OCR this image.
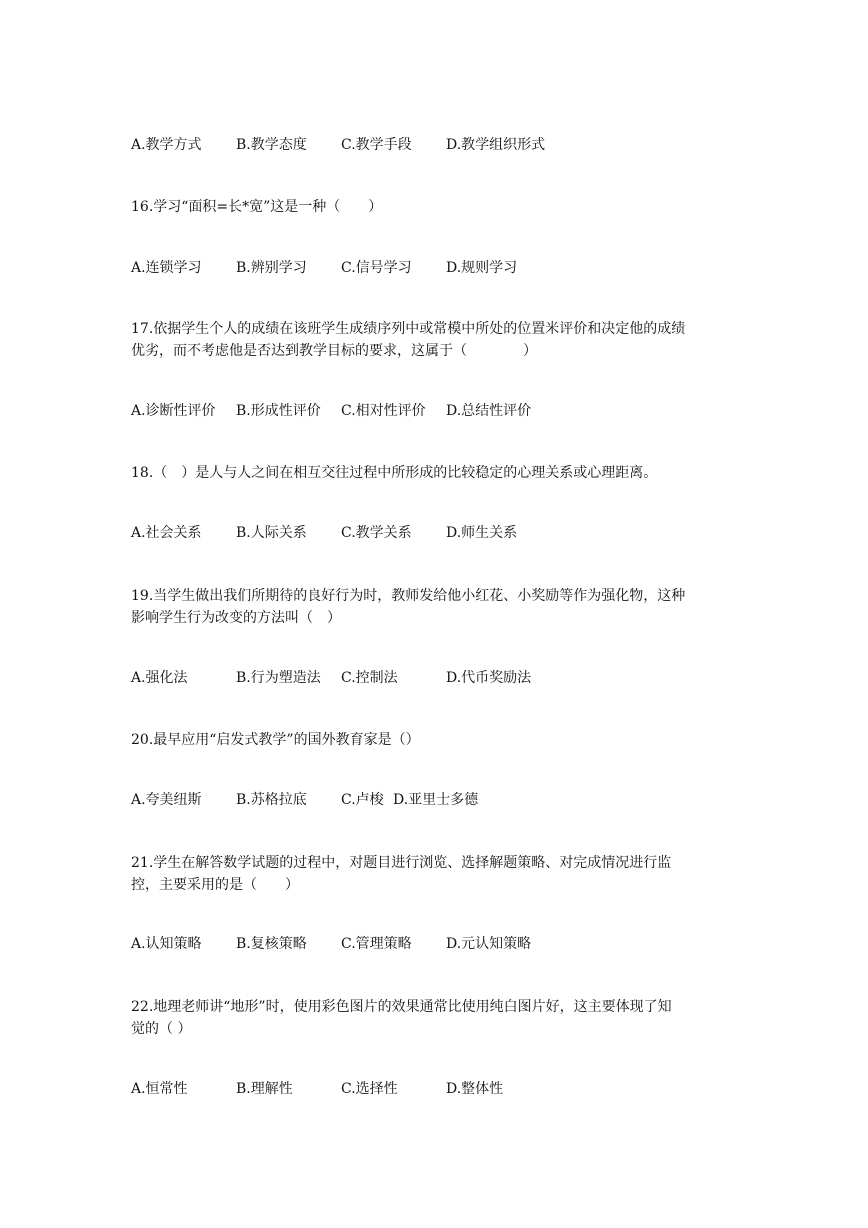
A.教学方式 B.教学态度 C.教学手段 D.教学组织形式
16.学习“面积=长*宽”这是一种（　　）
A.连锁学习 B.辨别学习 C.信号学习 D.规则学习
17.依据学生个人的成绩在该班学生成绩序列中或常模中所处的位置米评价和决定他的成绩
优劣，而不考虑他是否达到教学目标的要求，这属于（　　　　）
A.诊断性评价 B.形成性评价 C.相对性评价 D.总结性评价
18.（　）是人与人之间在相互交往过程中所形成的比较稳定的心理关系或心理距离。
A.社会关系 B.人际关系 C.教学关系 D.师生关系
19.当学生做出我们所期待的良好行为时，教师发给他小红花、小奖励等作为强化物，这种
影响学生行为改变的方法叫（　）
A.强化法	B.行为塑造法 C.控制法	D.代币奖励法
20.最早应用“启发式教学”的国外教育家是（）
A.夸美纽斯 B.苏格拉底 C.卢梭 D.亚里士多德
21.学生在解答数学试题的过程中，对题目进行浏览、选择解题策略、对完成情况进行监
控，主要采用的是（　　）
A.认知策略 B.复核策略 C.管理策略 D.元认知策略
22.地理老师讲“地形”时，使用彩色图片的效果通常比使用纯白图片好，这主要体现了知
觉的（ ）
A.恒常性	B.理解性	C.选择性	D.整体性
